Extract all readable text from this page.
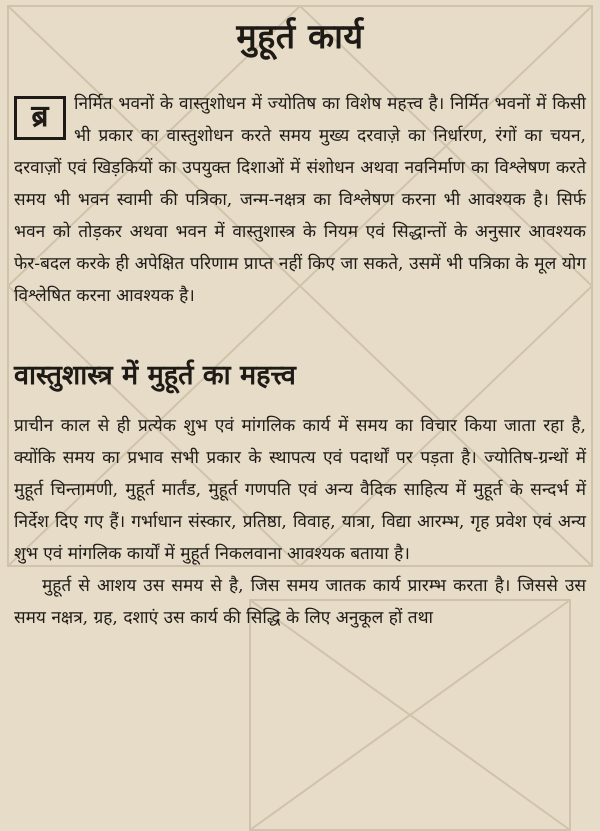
मुहूर्त कार्य

ब्र	निर्मित भवनों के वास्तुशोधन में ज्योतिष का विशेष महत्त्व है। निर्मित भवनों में किसी भी प्रकार का वास्तुशोधन करते समय मुख्य दरवाज़े का निर्धारण, रंगों का चयन, दरवाज़ों एवं खिड़कियों का उपयुक्त दिशाओं में संशोधन अथवा नवनिर्माण का विश्लेषण करते समय भी भवन स्वामी की पत्रिका, जन्म-नक्षत्र का विश्लेषण करना भी आवश्यक है। सिर्फ भवन को तोड़कर अथवा भवन में वास्तुशास्त्र के नियम एवं सिद्धान्तों के अनुसार आवश्यक फेर-बदल करके ही अपेक्षित परिणाम प्राप्त नहीं किए जा सकते, उसमें भी पत्रिका के मूल योग विश्लेषित करना आवश्यक है।

वास्तुशास्त्र में मुहूर्त का महत्त्व

प्राचीन काल से ही प्रत्येक शुभ एवं मांगलिक कार्य में समय का विचार किया जाता रहा है, क्योंकि समय का प्रभाव सभी प्रकार के स्थापत्य एवं पदार्थों पर पड़ता है। ज्योतिष-ग्रन्थों में मुहूर्त चिन्तामणी, मुहूर्त मार्तंड, मुहूर्त गणपति एवं अन्य वैदिक साहित्य में मुहूर्त के सन्दर्भ में निर्देश दिए गए हैं। गर्भाधान संस्कार, प्रतिष्ठा, विवाह, यात्रा, विद्या आरम्भ, गृह प्रवेश एवं अन्य शुभ एवं मांगलिक कार्यों में मुहूर्त निकलवाना आवश्यक बताया है।

मुहूर्त से आशय उस समय से है, जिस समय जातक कार्य प्रारम्भ करता है। जिससे उस समय नक्षत्र, ग्रह, दशाएं उस कार्य की सिद्धि के लिए अनुकूल हों तथा
